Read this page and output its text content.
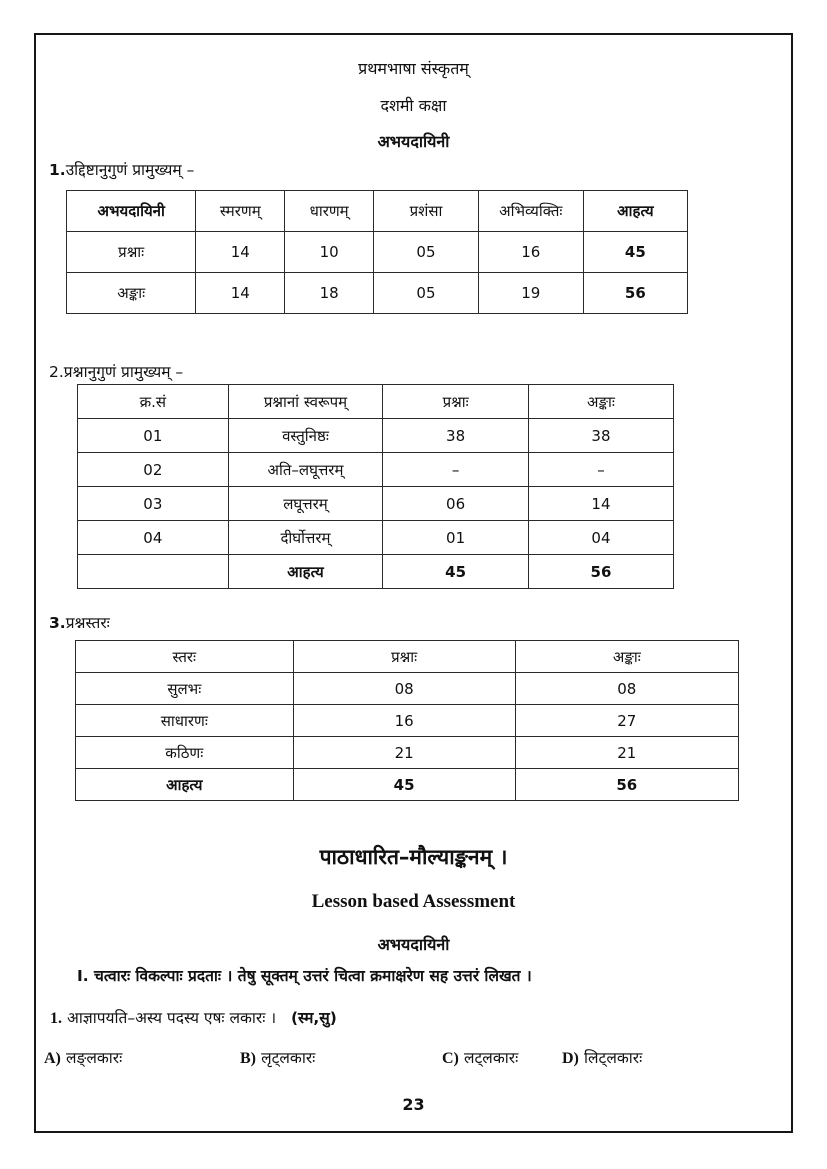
प्रथमभाषा संस्कृतम्
दशमी कक्षा
अभयदायिनी
1.उद्दिष्टानुगुणं प्रामुख्यम् –
अभयदायिनी	स्मरणम्	धारणम्	प्रशंसा	अभिव्यक्तिः	आहत्य
प्रश्नाः	14	10	05	16	45
अङ्काः	14	18	05	19	56
2.प्रश्नानुगुणं प्रामुख्यम् –
क्र.सं	प्रश्नानां स्वरूपम्	प्रश्नाः	अङ्काः
01	वस्तुनिष्ठः	38	38
02	अति–लघूत्तरम्	–	–
03	लघूत्तरम्	06	14
04	दीर्घोत्तरम्	01	04
	आहत्य	45	56
3.प्रश्नस्तरः
स्तरः	प्रश्नाः	अङ्काः
सुलभः	08	08
साधारणः	16	27
कठिणः	21	21
आहत्य	45	56
पाठाधारित–मौल्याङ्कनम् ।
Lesson based Assessment
अभयदायिनी
I. चत्वारः विकल्पाः प्रदताः । तेषु सूक्तम् उत्तरं चित्वा क्रमाक्षरेण सह उत्तरं लिखत ।
1. आज्ञापयति–अस्य पदस्य एषः लकारः । (स्म,सु)
A) लङ्लकारः	B) लृट्लकारः	C) लट्लकारः	D) लिट्लकारः
23
